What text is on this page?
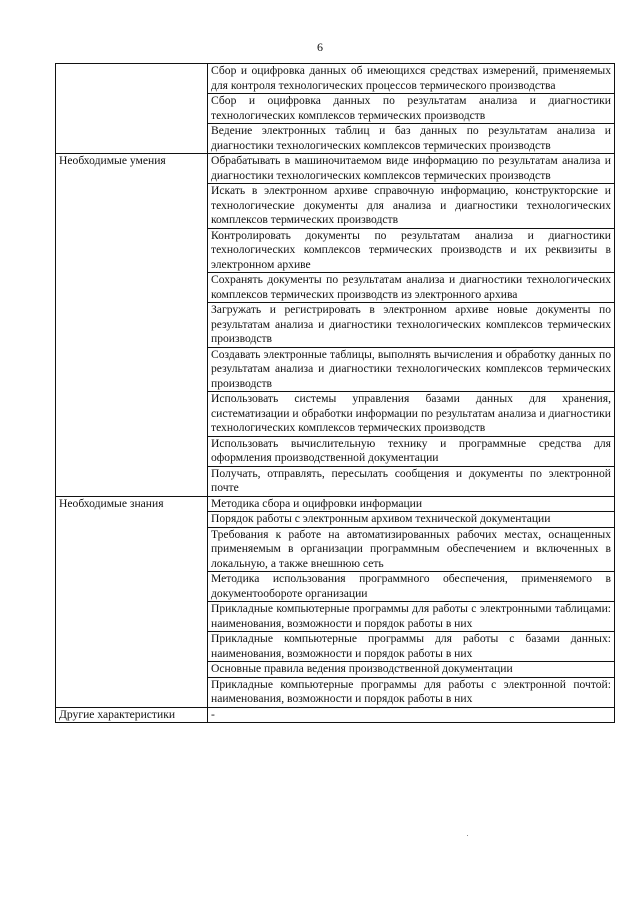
6
	Сбор и оцифровка данных об имеющихся средствах измерений, применяемых для контроля технологических процессов термического производства
	Сбор и оцифровка данных по результатам анализа и диагностики технологических комплексов термических производств
	Ведение электронных таблиц и баз данных по результатам анализа и диагностики технологических комплексов термических производств
Необходимые умения	Обрабатывать в машиночитаемом виде информацию по результатам анализа и диагностики технологических комплексов термических производств
	Искать в электронном архиве справочную информацию, конструкторские и технологические документы для анализа и диагностики технологических комплексов термических производств
	Контролировать документы по результатам анализа и диагностики технологических комплексов термических производств и их реквизиты в электронном архиве
	Сохранять документы по результатам анализа и диагностики технологических комплексов термических производств из электронного архива
	Загружать и регистрировать в электронном архиве новые документы по результатам анализа и диагностики технологических комплексов термических производств
	Создавать электронные таблицы, выполнять вычисления и обработку данных по результатам анализа и диагностики технологических комплексов термических производств
	Использовать системы управления базами данных для хранения, систематизации и обработки информации по результатам анализа и диагностики технологических комплексов термических производств
	Использовать вычислительную технику и программные средства для оформления производственной документации
	Получать, отправлять, пересылать сообщения и документы по электронной почте
Необходимые знания	Методика сбора и оцифровки информации
	Порядок работы с электронным архивом технической документации
	Требования к работе на автоматизированных рабочих местах, оснащенных применяемым в организации программным обеспечением и включенных в локальную, а также внешнюю сеть
	Методика использования программного обеспечения, применяемого в документообороте организации
	Прикладные компьютерные программы для работы с электронными таблицами: наименования, возможности и порядок работы в них
	Прикладные компьютерные программы для работы с базами данных: наименования, возможности и порядок работы в них
	Основные правила ведения производственной документации
	Прикладные компьютерные программы для работы с электронной почтой: наименования, возможности и порядок работы в них
Другие характеристики	-
